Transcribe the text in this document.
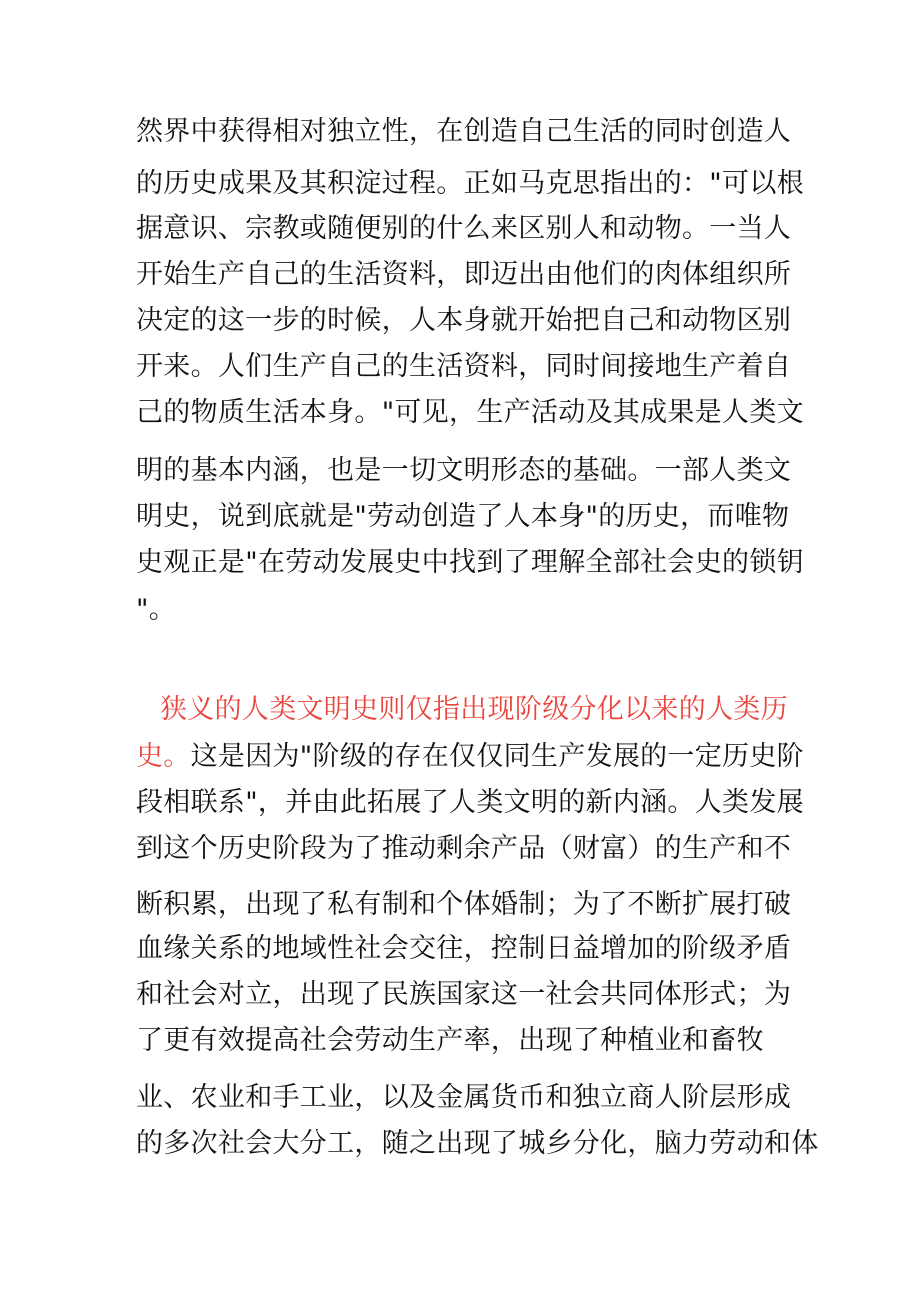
然界中获得相对独立性，在创造自己生活的同时创造人
的历史成果及其积淀过程。正如马克思指出的："可以根
据意识、宗教或随便别的什么来区别人和动物。一当人
开始生产自己的生活资料，即迈出由他们的肉体组织所
决定的这一步的时候，人本身就开始把自己和动物区别
开来。人们生产自己的生活资料，同时间接地生产着自
己的物质生活本身。"可见，生产活动及其成果是人类文
明的基本内涵，也是一切文明形态的基础。一部人类文
明史，说到底就是"劳动创造了人本身"的历史，而唯物
史观正是"在劳动发展史中找到了理解全部社会史的锁钥
"。
狭义的人类文明史则仅指出现阶级分化以来的人类历
史。这是因为"阶级的存在仅仅同生产发展的一定历史阶
段相联系"，并由此拓展了人类文明的新内涵。人类发展
到这个历史阶段为了推动剩余产品（财富）的生产和不
断积累，出现了私有制和个体婚制；为了不断扩展打破
血缘关系的地域性社会交往，控制日益增加的阶级矛盾
和社会对立，出现了民族国家这一社会共同体形式；为
了更有效提高社会劳动生产率，出现了种植业和畜牧
业、农业和手工业，以及金属货币和独立商人阶层形成
的多次社会大分工，随之出现了城乡分化，脑力劳动和体
